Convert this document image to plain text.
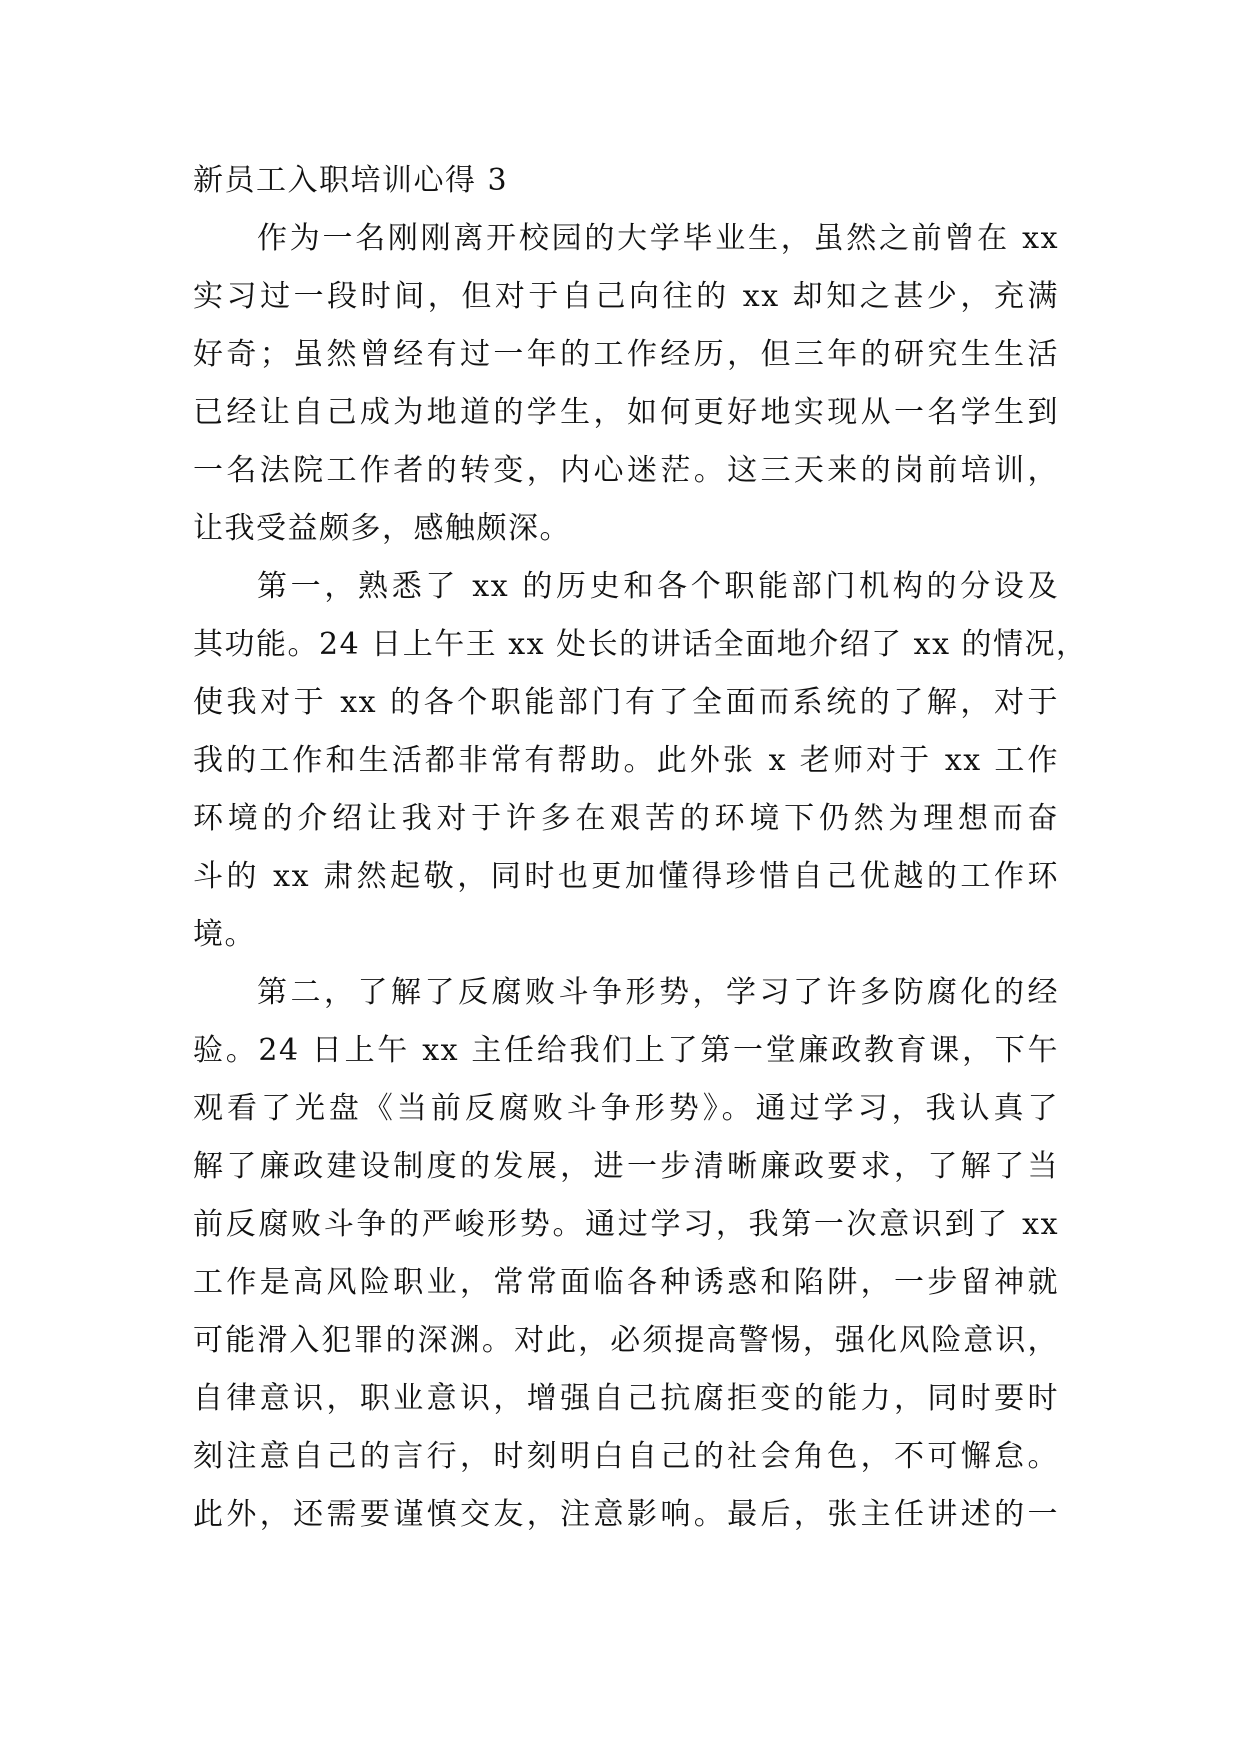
新员工入职培训心得 3
作为一名刚刚离开校园的大学毕业生，虽然之前曾在 xx
实习过一段时间，但对于自己向往的 xx 却知之甚少，充满
好奇；虽然曾经有过一年的工作经历，但三年的研究生生活
已经让自己成为地道的学生，如何更好地实现从一名学生到
一名法院工作者的转变，内心迷茫。这三天来的岗前培训，
让我受益颇多，感触颇深。
第一，熟悉了 xx 的历史和各个职能部门机构的分设及
其功能。24 日上午王 xx 处长的讲话全面地介绍了 xx 的情况，
使我对于 xx 的各个职能部门有了全面而系统的了解，对于
我的工作和生活都非常有帮助。此外张 x 老师对于 xx 工作
环境的介绍让我对于许多在艰苦的环境下仍然为理想而奋
斗的 xx 肃然起敬，同时也更加懂得珍惜自己优越的工作环
境。
第二，了解了反腐败斗争形势，学习了许多防腐化的经
验。24 日上午 xx 主任给我们上了第一堂廉政教育课，下午
观看了光盘《当前反腐败斗争形势》。通过学习，我认真了
解了廉政建设制度的发展，进一步清晰廉政要求，了解了当
前反腐败斗争的严峻形势。通过学习，我第一次意识到了 xx
工作是高风险职业，常常面临各种诱惑和陷阱，一步留神就
可能滑入犯罪的深渊。对此，必须提高警惕，强化风险意识，
自律意识，职业意识，增强自己抗腐拒变的能力，同时要时
刻注意自己的言行，时刻明白自己的社会角色，不可懈怠。
此外，还需要谨慎交友，注意影响。最后，张主任讲述的一
